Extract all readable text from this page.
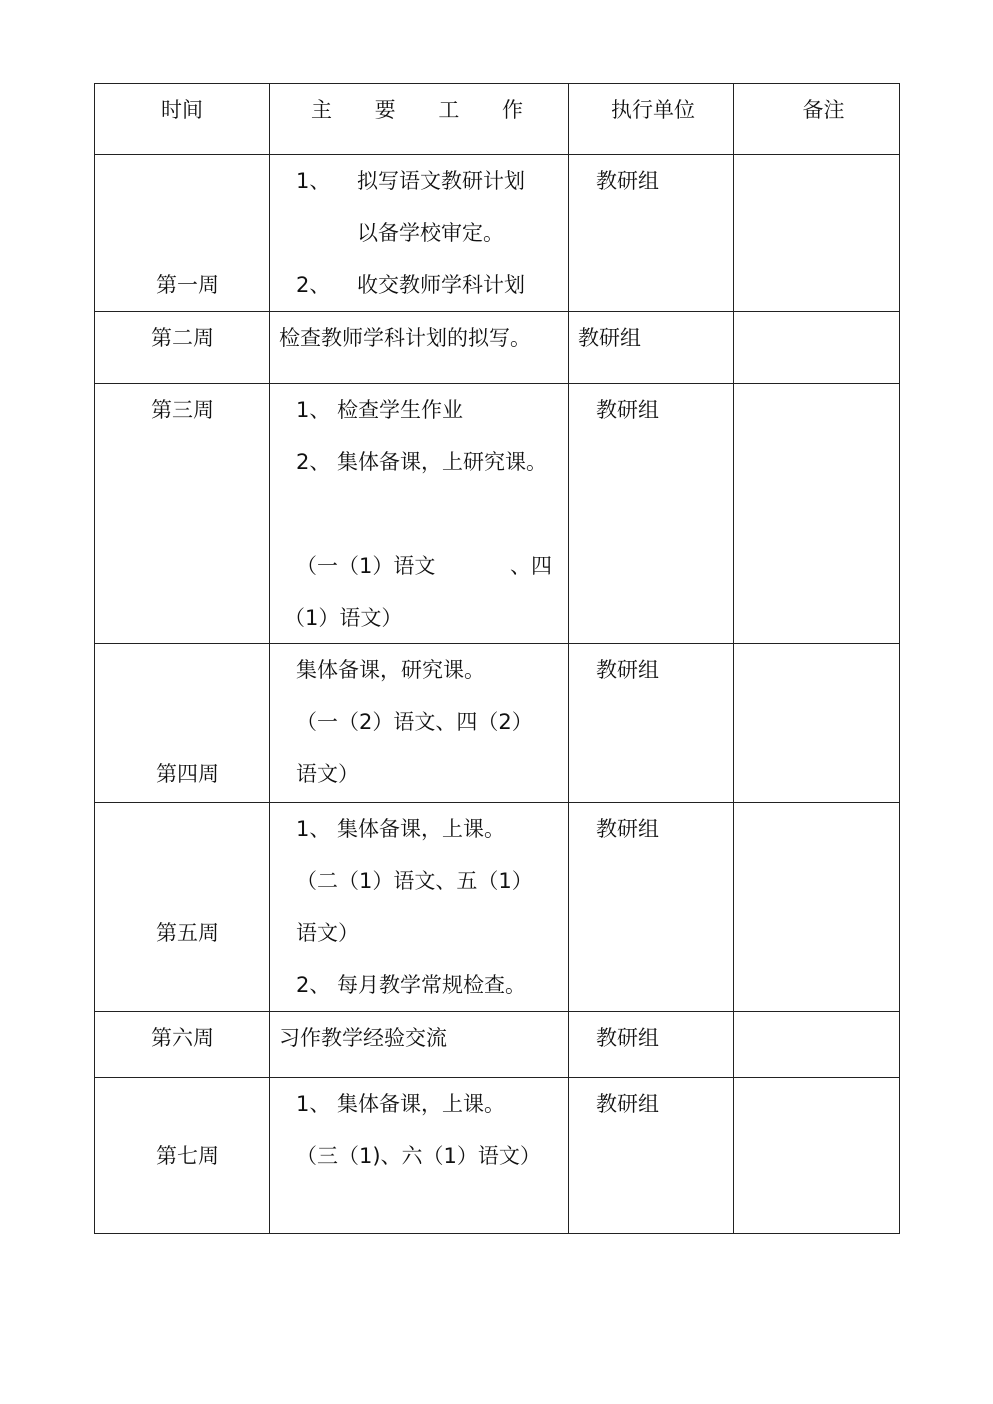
时间	主 要 工 作	执行单位	备注

第一周	1、 拟写语文教研计划
以备学校审定。
2、 收交教师学科计划	教研组	

第二周	检查教师学科计划的拟写。	教研组	

第三周	1、 检查学生作业
2、 集体备课，上研究课。
（一（1）语文 、四
（1）语文）	教研组	

第四周	集体备课，研究课。
（一（2）语文、四（2）
语文）	教研组	

第五周	1、 集体备课，上课。
（二（1）语文、五（1）
语文）
2、 每月教学常规检查。	教研组	

第六周	习作教学经验交流	教研组	

第七周	1、 集体备课，上课。
（三（1)、六（1）语文）	教研组	
